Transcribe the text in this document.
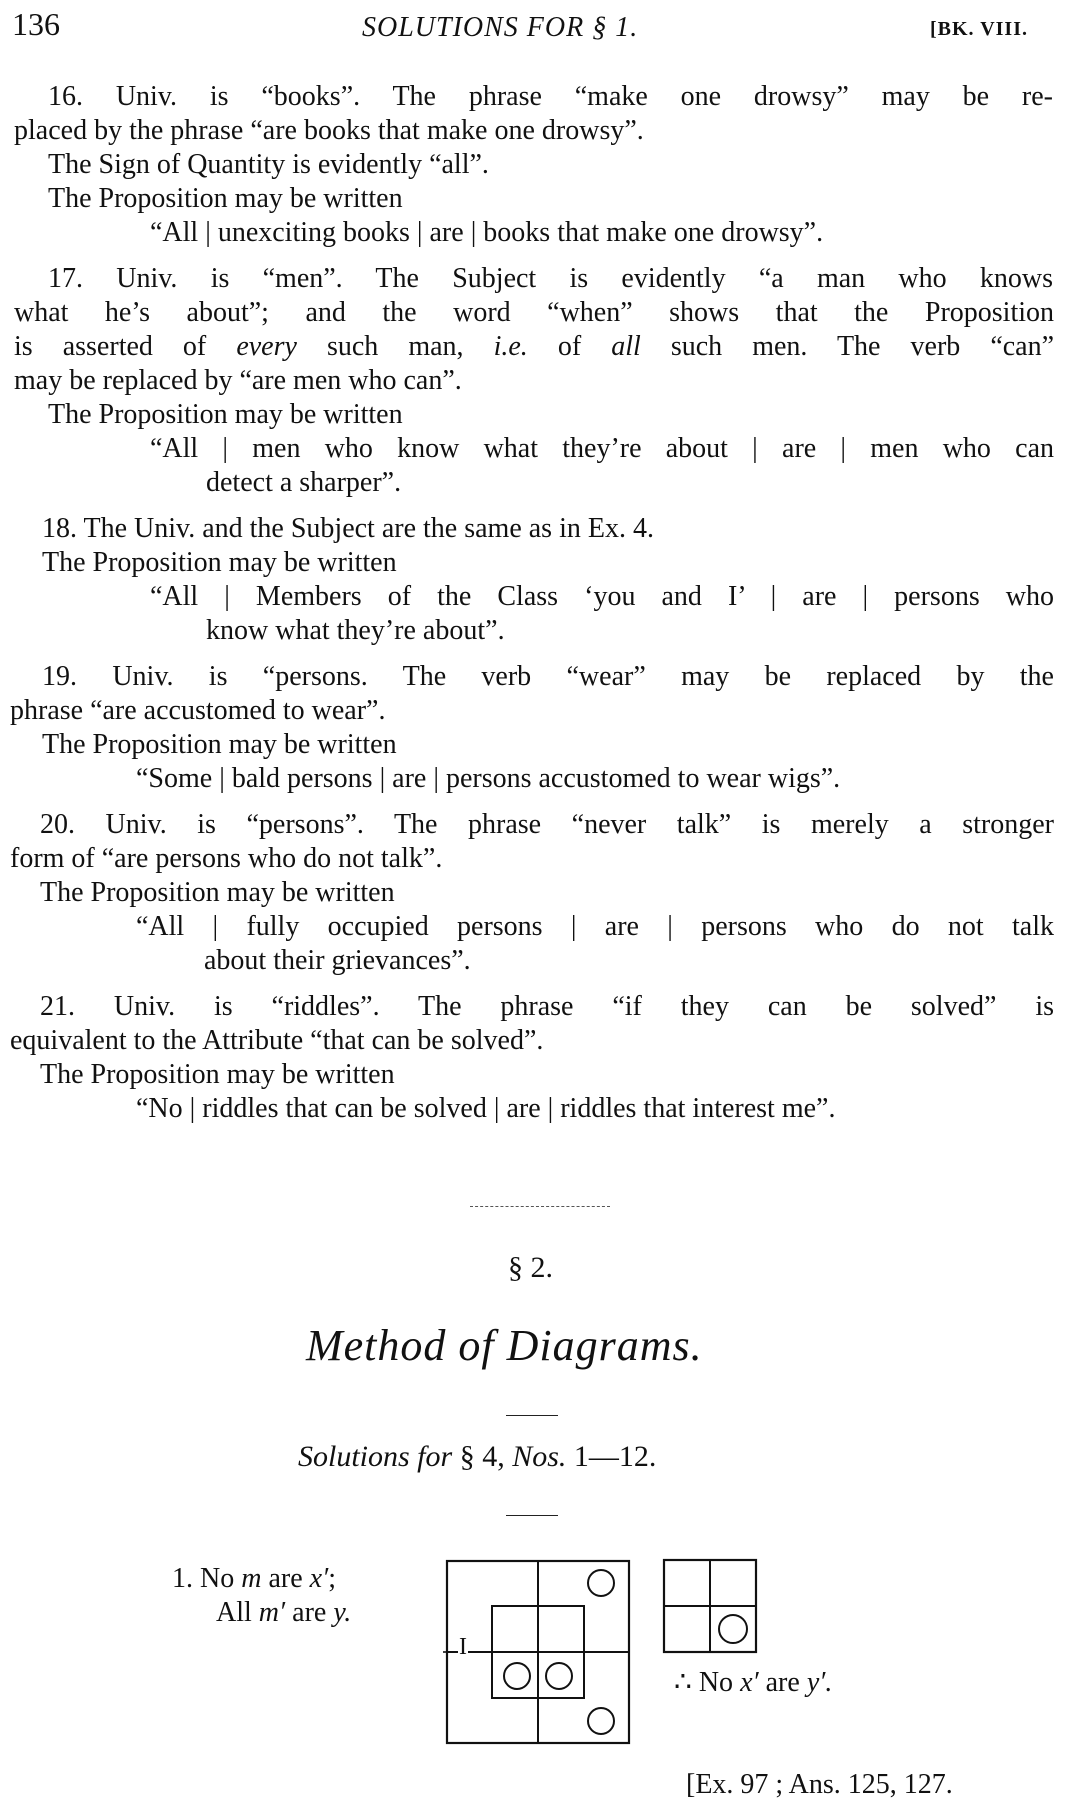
136	SOLUTIONS FOR § 1.	[BK. VIII.
16. Univ. is “books”. The phrase “make one drowsy” may be re-
placed by the phrase “are books that make one drowsy”.
The Sign of Quantity is evidently “all”.
The Proposition may be written
“All | unexciting books | are | books that make one drowsy”.
17. Univ. is “men”. The Subject is evidently “a man who knows
what he’s about”; and the word “when” shows that the Proposition
is asserted of every such man, i.e. of all such men. The verb “can”
may be replaced by “are men who can”.
The Proposition may be written
“All | men who know what they’re about | are | men who can
detect a sharper”.
18. The Univ. and the Subject are the same as in Ex. 4.
The Proposition may be written
“All | Members of the Class ‘you and I’ | are | persons who
know what they’re about”.
19. Univ. is “persons. The verb “wear” may be replaced by the
phrase “are accustomed to wear”.
The Proposition may be written
“Some | bald persons | are | persons accustomed to wear wigs”.
20. Univ. is “persons”. The phrase “never talk” is merely a stronger
form of “are persons who do not talk”.
The Proposition may be written
“All | fully occupied persons | are | persons who do not talk
about their grievances”.
21. Univ. is “riddles”. The phrase “if they can be solved” is
equivalent to the Attribute “that can be solved”.
The Proposition may be written
“No | riddles that can be solved | are | riddles that interest me”.
§ 2.
Method of Diagrams.
Solutions for § 4, Nos. 1—12.
1. No m are x′;
All m′ are y.
I
∴ No x′ are y′.
[Ex. 97 ; Ans. 125, 127.
